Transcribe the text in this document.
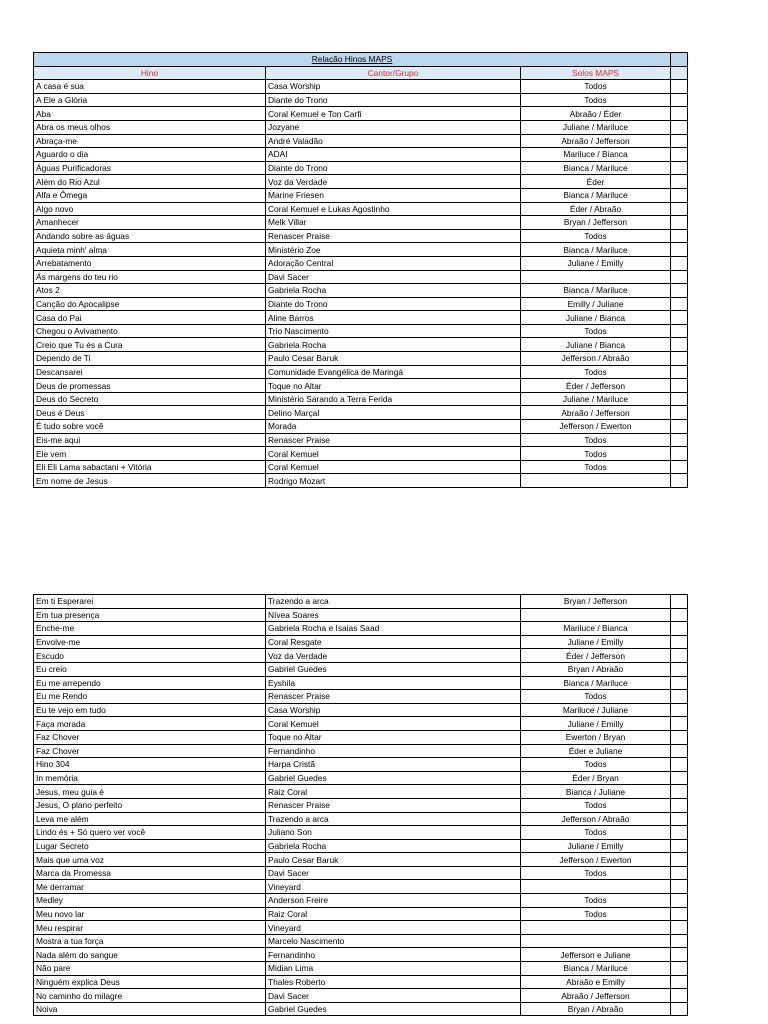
Relação Hinos MAPS			
Hino	Cantor/Grupo	Solos MAPS	
A casa é sua	Casa Worship	Todos	
A Ele a Glória	Diante do Trono	Todos	
Aba	Coral Kemuel e Ton Carfi	Abraão / Éder	
Abra os meus olhos	Jozyane	Juliane / Mariluce	
Abraça-me	André Valadão	Abraão / Jefferson	
Aguardo o dia	ADAI	Mariluce / Bianca	
Águas Purificadoras	Diante do Trono	Bianca / Mariluce	
Além do Rio Azul	Voz da Verdade	Éder	
Alfa e Ômega	Marine Friesen	Bianca / Mariluce	
Algo novo	Coral Kemuel e Lukas Agostinho	Éder / Abraão	
Amanhecer	Melk Villar	Bryan / Jefferson	
Andando sobre as águas	Renascer Praise	Todos	
Aquieta minh' alma	Ministério Zoe	Bianca / Mariluce	
Arrebatamento	Adoração Central	Juliane / Emilly	
Ás margens do teu rio	Davi Sacer		
Atos 2	Gabriela Rocha	Bianca / Mariluce	
Canção do Apocalipse	Diante do Trono	Emilly / Juliane	
Casa do Pai	Aline Barros	Juliane / Bianca	
Chegou o Avivamento	Trio Nascimento	Todos	
Creio que Tu és a Cura	Gabriela Rocha	Juliane / Bianca	
Dependo de Ti	Paulo Cesar Baruk	Jefferson / Abraão	
Descansarei	Comunidade Evangélica de Maringá	Todos	
Deus de promessas	Toque no Altar	Éder / Jefferson	
Deus do Secreto	Ministério Sarando a Terra Ferida	Juliane / Mariluce	
Deus é Deus	Delino Marçal	Abraão / Jefferson	
É tudo sobre você	Morada	Jefferson / Ewerton	
Eis-me aqui	Renascer Praise	Todos	
Ele vem	Coral Kemuel	Todos	
Eli Eli Lama sabactani + Vitória	Coral Kemuel	Todos	
Em nome de Jesus	Rodrigo Mozart		
Em ti Esperarei	Trazendo a arca	Bryan / Jefferson	
Em tua presença	Nívea Soares		
Enche-me	Gabriela Rocha e Isaias Saad	Mariluce / Bianca	
Envolve-me	Coral Resgate	Juliane / Emilly	
Escudo	Voz da Verdade	Éder / Jefferson	
Eu creio	Gabriel Guedes	Bryan / Abraão	
Eu me arrependo	Eyshila	Bianca / Mariluce	
Eu me Rendo	Renascer Praise	Todos	
Eu te vejo em tudo	Casa Worship	Mariluce / Juliane	
Faça morada	Coral Kemuel	Juliane / Emilly	
Faz Chover	Toque no Altar	Ewerton / Bryan	
Faz Chover	Fernandinho	Éder e Juliane	
Hino 304	Harpa Cristã	Todos	
In memória	Gabriel Guedes	Éder / Bryan	
Jesus, meu guia é	Raiz Coral	Bianca / Juliane	
Jesus, O plano perfeito	Renascer Praise	Todos	
Leva me além	Trazendo a arca	Jefferson / Abraão	
Lindo és + Só quero ver você	Juliano Son	Todos	
Lugar Secreto	Gabriela Rocha	Juliane / Emilly	
Mais que uma voz	Paulo Cesar Baruk	Jefferson / Ewerton	
Marca da Promessa	Davi Sacer	Todos	
Me derramar	Vineyard		
Medley	Anderson Freire	Todos	
Meu novo lar	Raiz Coral	Todos	
Meu respirar	Vineyard		
Mostra a tua força	Marcelo Nascimento		
Nada além do sangue	Fernandinho	Jefferson e Juliane	
Não pare	Midian Lima	Bianca / Mariluce	
Ninguém explica Deus	Thales Roberto	Abraão e Emilly	
No caminho do milagre	Davi Sacer	Abraão / Jefferson	
Noiva	Gabriel Guedes	Bryan / Abraão	
